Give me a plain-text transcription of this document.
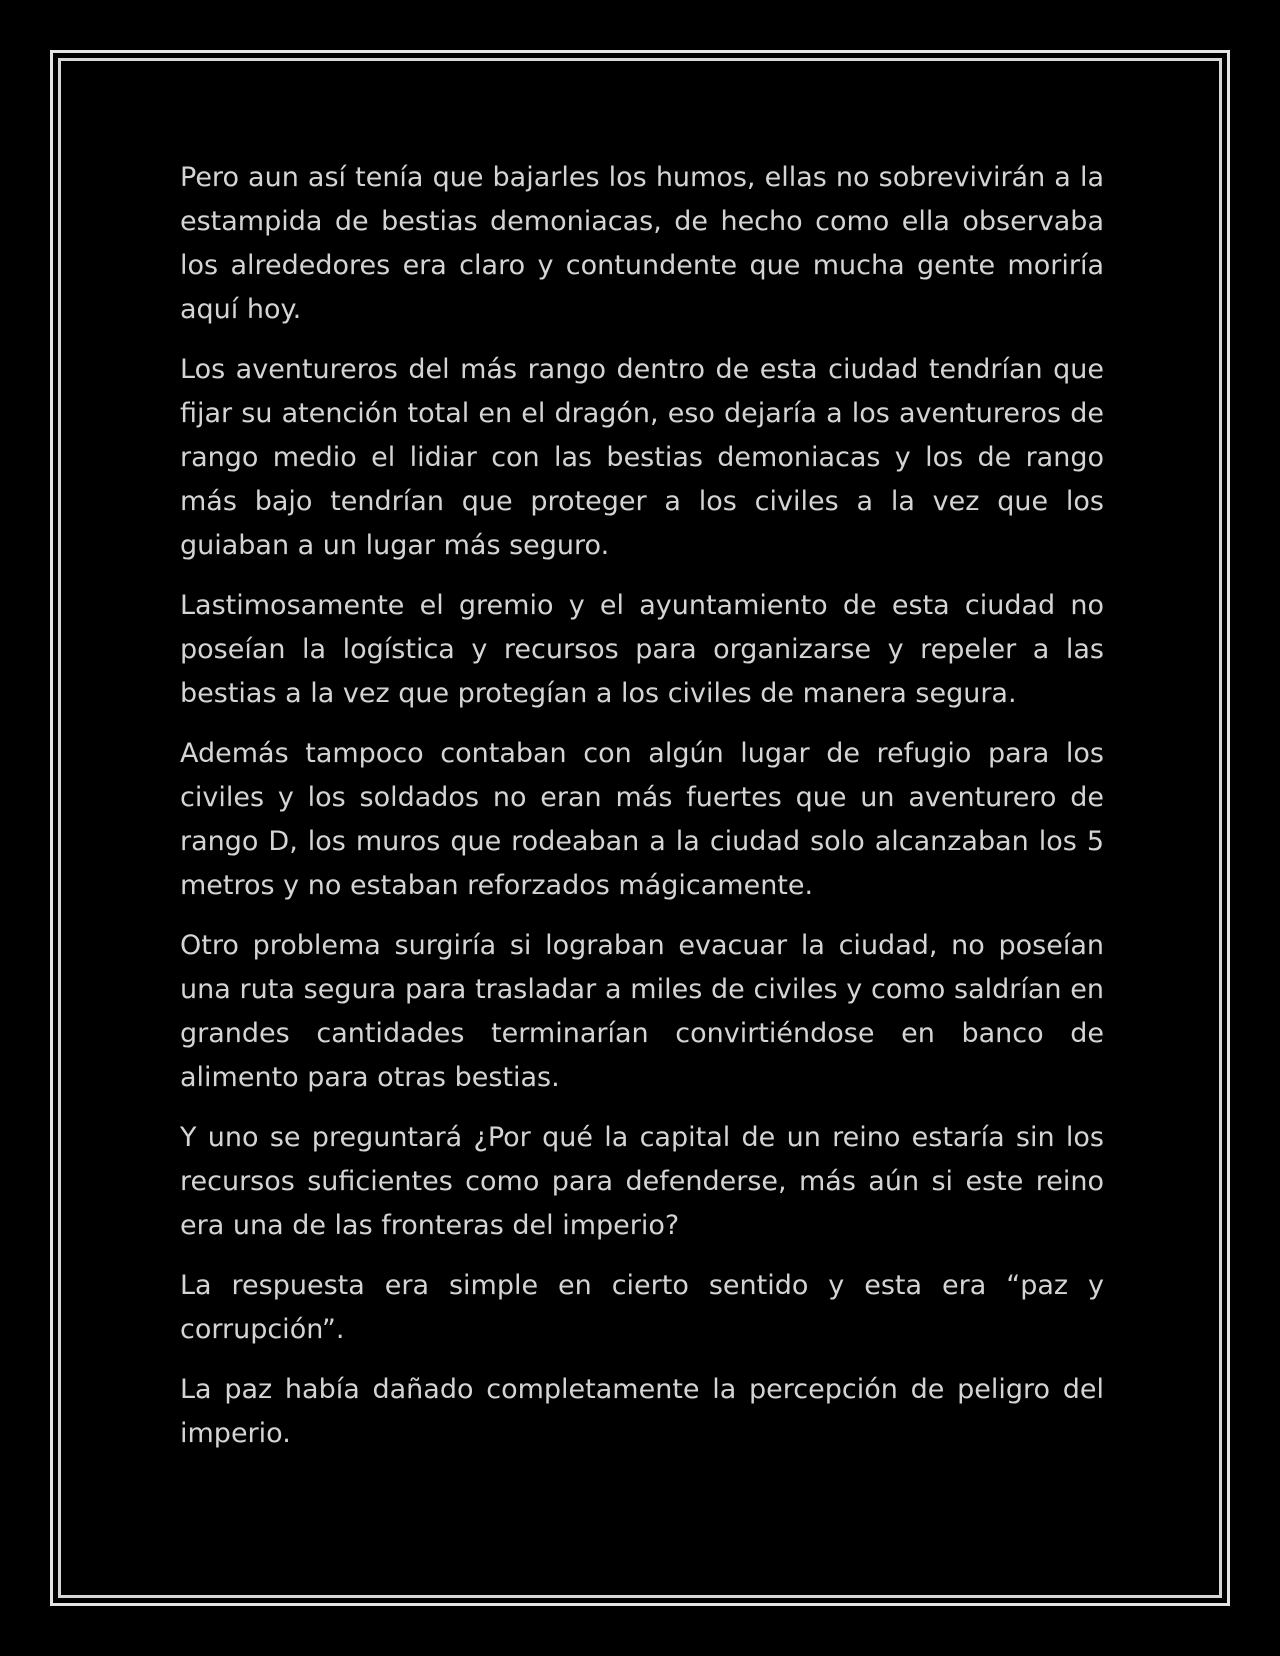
Pero aun así tenía que bajarles los humos, ellas no sobrevivirán a la estampida de bestias demoniacas, de hecho como ella observaba los alrededores era claro y contundente que mucha gente moriría aquí hoy.

Los aventureros del más rango dentro de esta ciudad tendrían que fijar su atención total en el dragón, eso dejaría a los aventureros de rango medio el lidiar con las bestias demoniacas y los de rango más bajo tendrían que proteger a los civiles a la vez que los guiaban a un lugar más seguro.

Lastimosamente el gremio y el ayuntamiento de esta ciudad no poseían la logística y recursos para organizarse y repeler a las bestias a la vez que protegían a los civiles de manera segura.

Además tampoco contaban con algún lugar de refugio para los civiles y los soldados no eran más fuertes que un aventurero de rango D, los muros que rodeaban a la ciudad solo alcanzaban los 5 metros y no estaban reforzados mágicamente.

Otro problema surgiría si lograban evacuar la ciudad, no poseían una ruta segura para trasladar a miles de civiles y como saldrían en grandes cantidades terminarían convirtiéndose en banco de alimento para otras bestias.

Y uno se preguntará ¿Por qué la capital de un reino estaría sin los recursos suficientes como para defenderse, más aún si este reino era una de las fronteras del imperio?

La respuesta era simple en cierto sentido y esta era “paz y corrupción”.

La paz había dañado completamente la percepción de peligro del imperio.
